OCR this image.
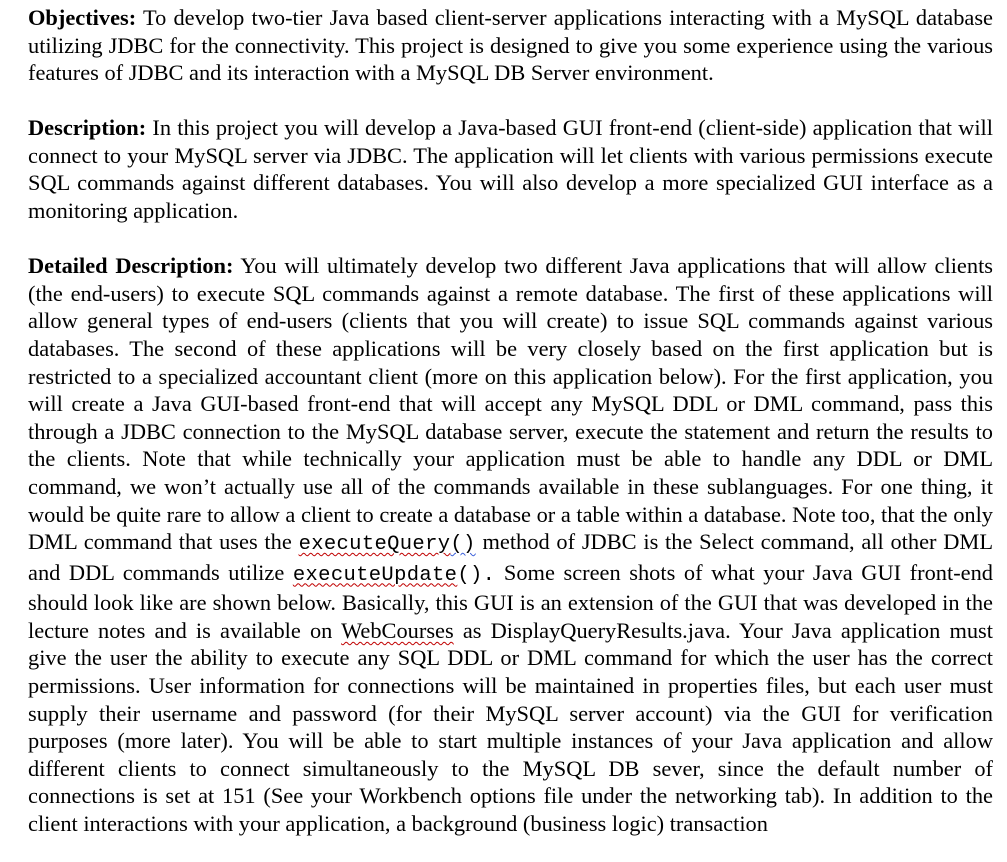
Objectives: To develop two-tier Java based client-server applications interacting with a MySQL database utilizing JDBC for the connectivity. This project is designed to give you some experience using the various features of JDBC and its interaction with a MySQL DB Server environment.

Description: In this project you will develop a Java-based GUI front-end (client-side) application that will connect to your MySQL server via JDBC. The application will let clients with various permissions execute SQL commands against different databases. You will also develop a more specialized GUI interface as a monitoring application.

Detailed Description: You will ultimately develop two different Java applications that will allow clients (the end-users) to execute SQL commands against a remote database. The first of these applications will allow general types of end-users (clients that you will create) to issue SQL commands against various databases. The second of these applications will be very closely based on the first application but is restricted to a specialized accountant client (more on this application below). For the first application, you will create a Java GUI-based front-end that will accept any MySQL DDL or DML command, pass this through a JDBC connection to the MySQL database server, execute the statement and return the results to the clients. Note that while technically your application must be able to handle any DDL or DML command, we won’t actually use all of the commands available in these sublanguages. For one thing, it would be quite rare to allow a client to create a database or a table within a database. Note too, that the only DML command that uses the executeQuery() method of JDBC is the Select command, all other DML and DDL commands utilize executeUpdate(). Some screen shots of what your Java GUI front-end should look like are shown below. Basically, this GUI is an extension of the GUI that was developed in the lecture notes and is available on WebCourses as DisplayQueryResults.java. Your Java application must give the user the ability to execute any SQL DDL or DML command for which the user has the correct permissions. User information for connections will be maintained in properties files, but each user must supply their username and password (for their MySQL server account) via the GUI for verification purposes (more later). You will be able to start multiple instances of your Java application and allow different clients to connect simultaneously to the MySQL DB sever, since the default number of connections is set at 151 (See your Workbench options file under the networking tab). In addition to the client interactions with your application, a background (business logic) transaction
